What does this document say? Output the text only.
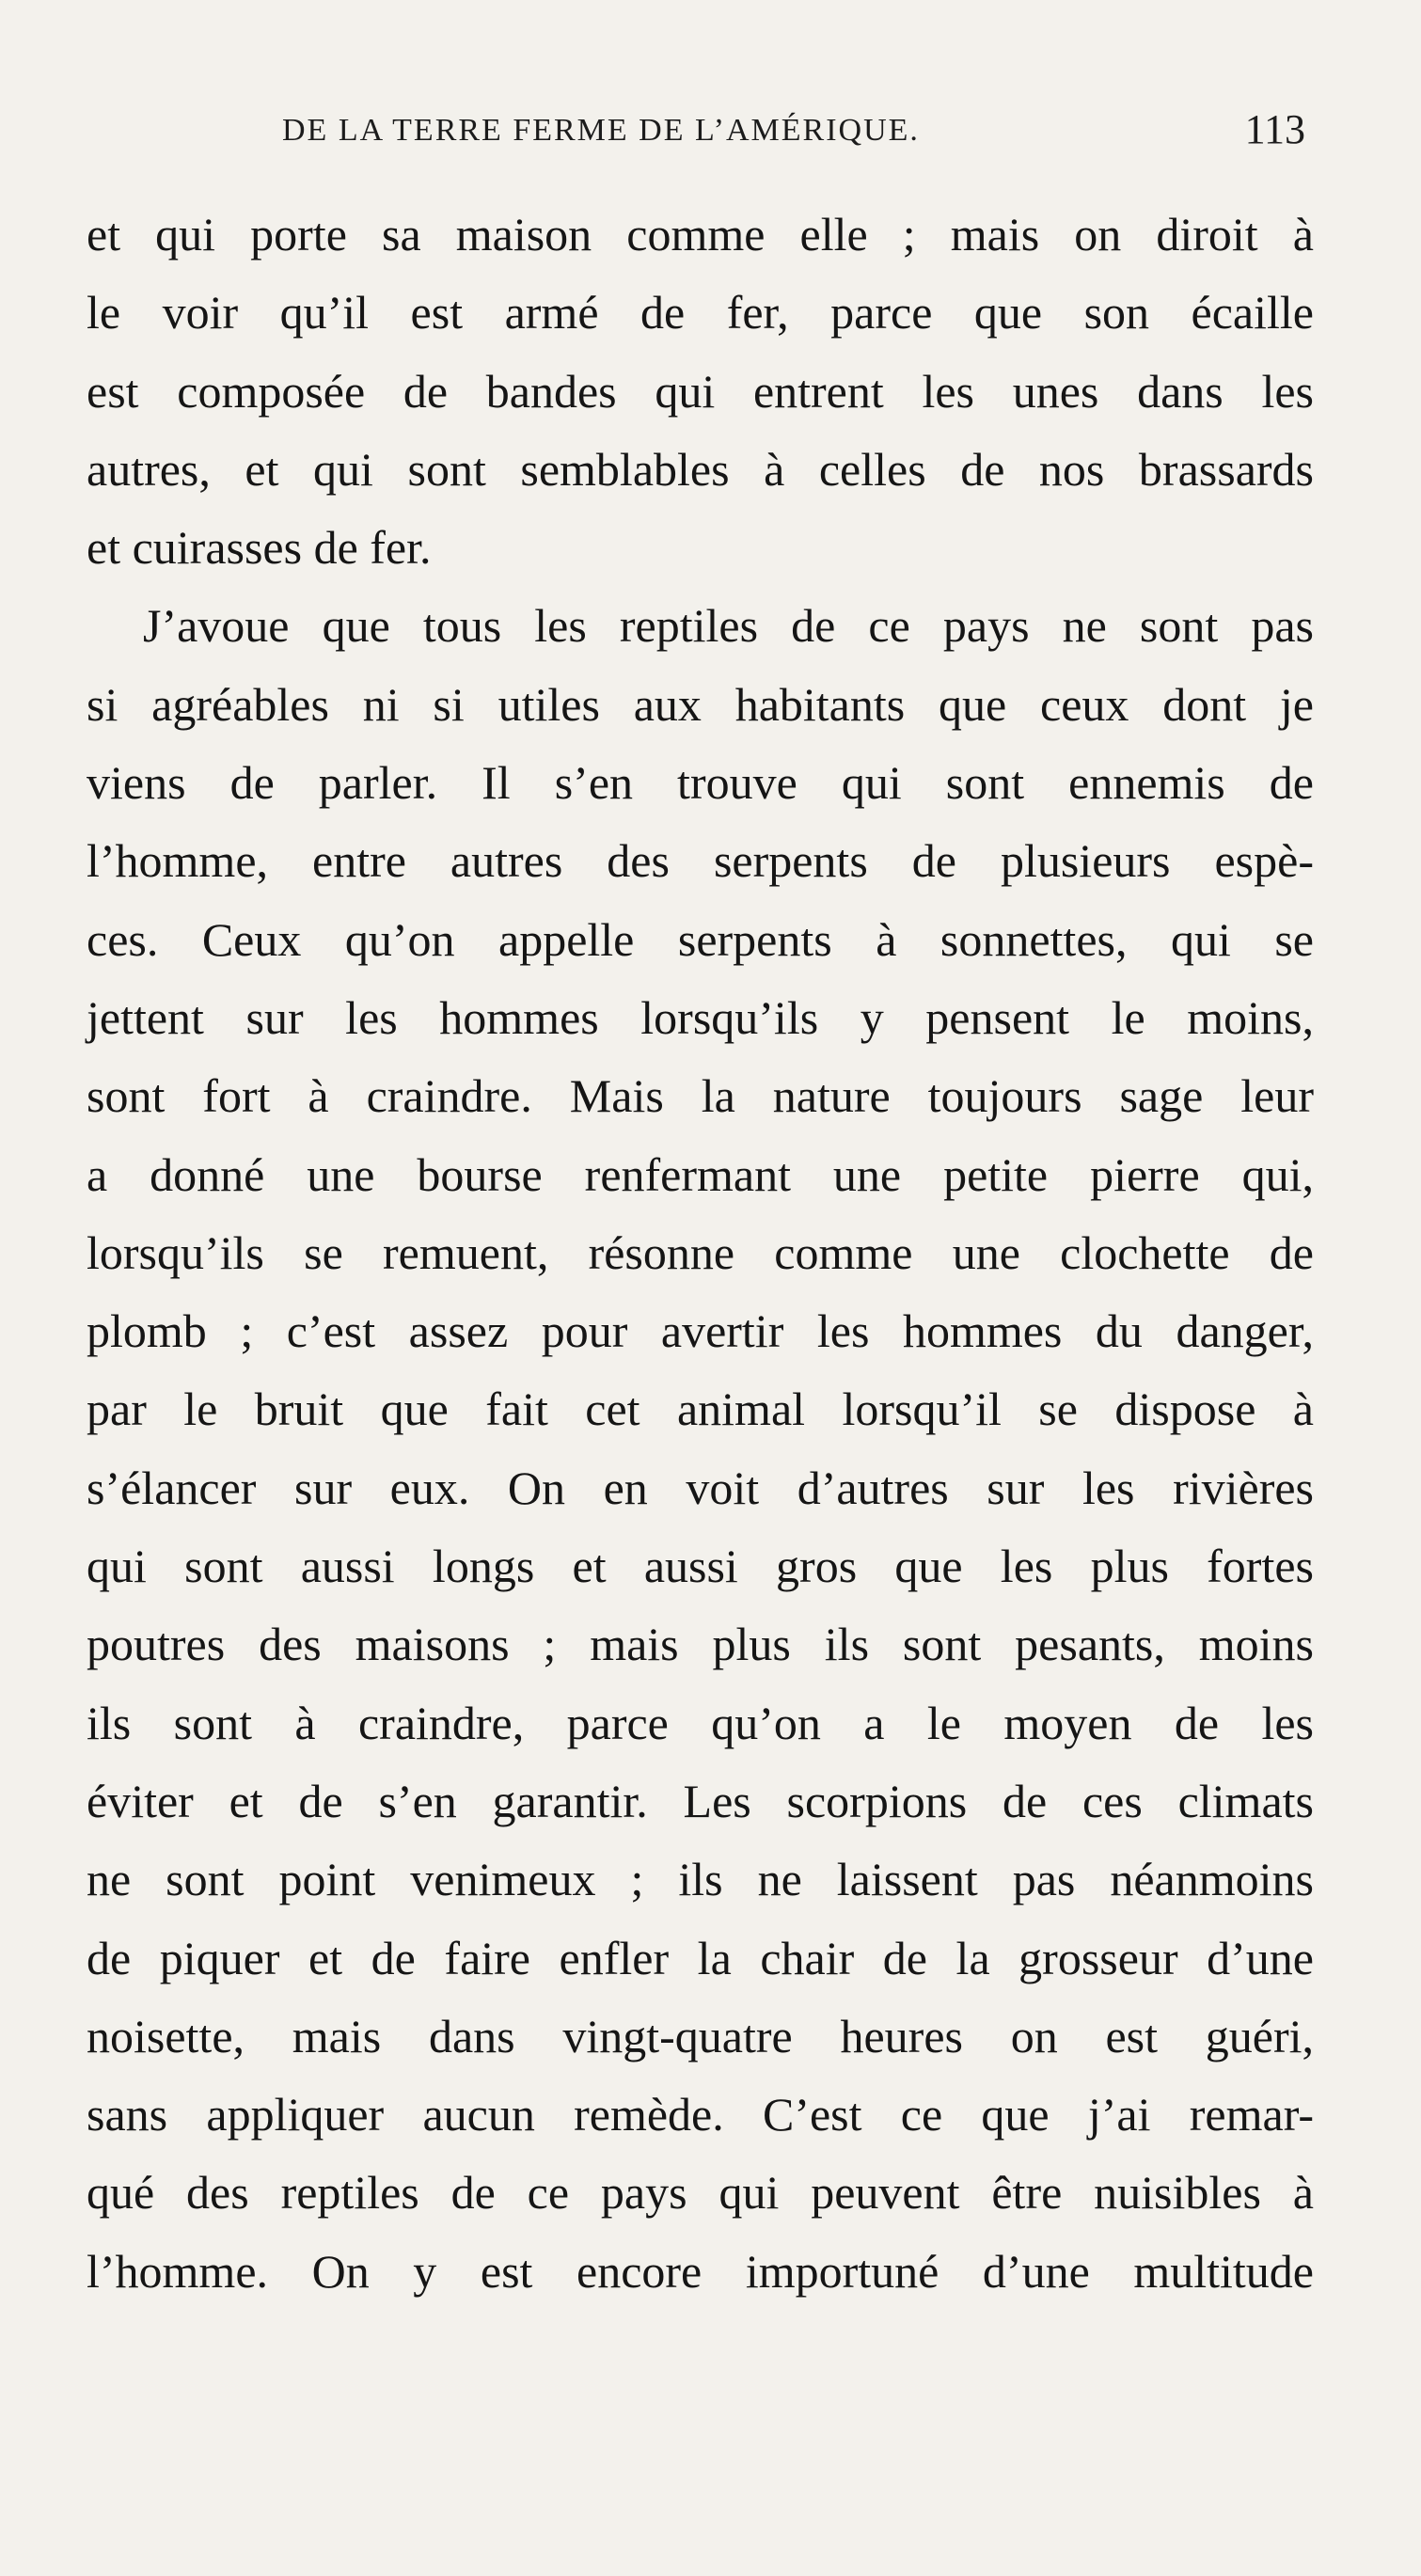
DE LA TERRE FERME DE L’AMÉRIQUE.	113
et qui porte sa maison comme elle ; mais on diroit à
le voir qu’il est armé de fer, parce que son écaille
est composée de bandes qui entrent les unes dans les
autres, et qui sont semblables à celles de nos brassards
et cuirasses de fer.
J’avoue que tous les reptiles de ce pays ne sont pas
si agréables ni si utiles aux habitants que ceux dont je
viens de parler. Il s’en trouve qui sont ennemis de
l’homme, entre autres des serpents de plusieurs espè-
ces. Ceux qu’on appelle serpents à sonnettes, qui se
jettent sur les hommes lorsqu’ils y pensent le moins,
sont fort à craindre. Mais la nature toujours sage leur
a donné une bourse renfermant une petite pierre qui,
lorsqu’ils se remuent, résonne comme une clochette de
plomb ; c’est assez pour avertir les hommes du danger,
par le bruit que fait cet animal lorsqu’il se dispose à
s’élancer sur eux. On en voit d’autres sur les rivières
qui sont aussi longs et aussi gros que les plus fortes
poutres des maisons ; mais plus ils sont pesants, moins
ils sont à craindre, parce qu’on a le moyen de les
éviter et de s’en garantir. Les scorpions de ces climats
ne sont point venimeux ; ils ne laissent pas néanmoins
de piquer et de faire enfler la chair de la grosseur d’une
noisette, mais dans vingt-quatre heures on est guéri,
sans appliquer aucun remède. C’est ce que j’ai remar-
qué des reptiles de ce pays qui peuvent être nuisibles à
l’homme. On y est encore importuné d’une multitude
